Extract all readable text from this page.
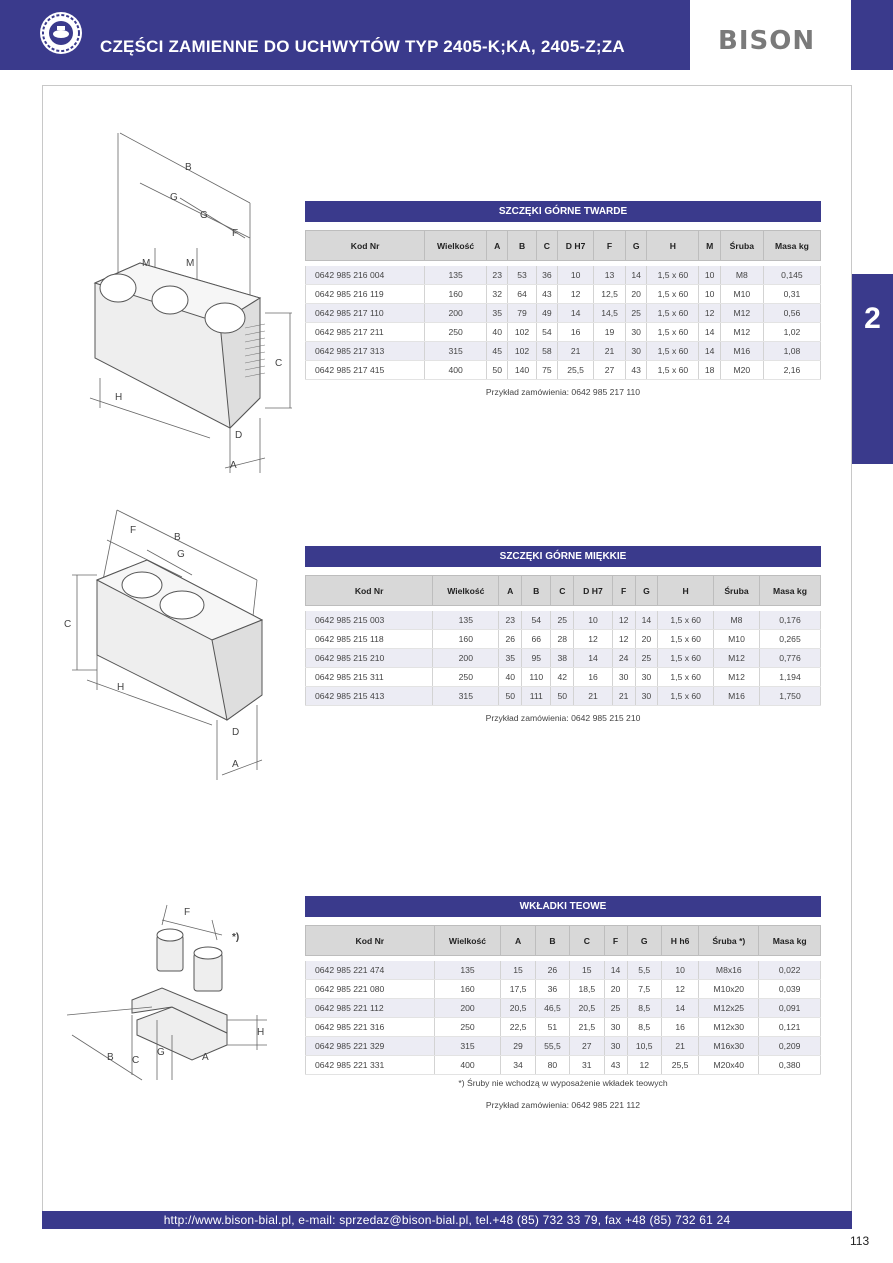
CZĘŚCI ZAMIENNE DO UCHWYTÓW TYP 2405-K;KA, 2405-Z;ZA	BISON
2
B
G
G
F
M	M
C
H
D
A
SZCZĘKI GÓRNE TWARDE
Kod Nr	Wielkość	A	B	C	D H7	F	G	H	M	Śruba	Masa kg

0642 985 216 004	135	23	53	36	10	13	14	1,5 x 60	10	M8	0,145
0642 985 216 119	160	32	64	43	12	12,5	20	1,5 x 60	10	M10	0,31
0642 985 217 110	200	35	79	49	14	14,5	25	1,5 x 60	12	M12	0,56
0642 985 217 211	250	40	102	54	16	19	30	1,5 x 60	14	M12	1,02
0642 985 217 313	315	45	102	58	21	21	30	1,5 x 60	14	M16	1,08
0642 985 217 415	400	50	140	75	25,5	27	43	1,5 x 60	18	M20	2,16
Przykład zamówienia: 0642 985 217 110
F
B
G
C
H
D
A
SZCZĘKI GÓRNE MIĘKKIE
Kod Nr	Wielkość	A	B	C	D H7	F	G	H	Śruba	Masa kg

0642 985 215 003	135	23	54	25	10	12	14	1,5 x 60	M8	0,176
0642 985 215 118	160	26	66	28	12	12	20	1,5 x 60	M10	0,265
0642 985 215 210	200	35	95	38	14	24	25	1,5 x 60	M12	0,776
0642 985 215 311	250	40	110	42	16	30	30	1,5 x 60	M12	1,194
0642 985 215 413	315	50	111	50	21	21	30	1,5 x 60	M16	1,750
Przykład zamówienia: 0642 985 215 210
F
*)
H
B C
G	A
WKŁADKI TEOWE
Kod Nr	Wielkość	A	B	C	F	G	H h6	Śruba *)	Masa kg

0642 985 221 474	135	15	26	15	14	5,5	10	M8x16	0,022
0642 985 221 080	160	17,5	36	18,5	20	7,5	12	M10x20	0,039
0642 985 221 112	200	20,5	46,5	20,5	25	8,5	14	M12x25	0,091
0642 985 221 316	250	22,5	51	21,5	30	8,5	16	M12x30	0,121
0642 985 221 329	315	29	55,5	27	30	10,5	21	M16x30	0,209
0642 985 221 331	400	34	80	31	43	12	25,5	M20x40	0,380
*) Śruby nie wchodzą w wyposażenie wkładek teowych
Przykład zamówienia: 0642 985 221 112
http://www.bison-bial.pl, e-mail: sprzedaz@bison-bial.pl, tel.+48 (85) 732 33 79, fax +48 (85) 732 61 24
113
